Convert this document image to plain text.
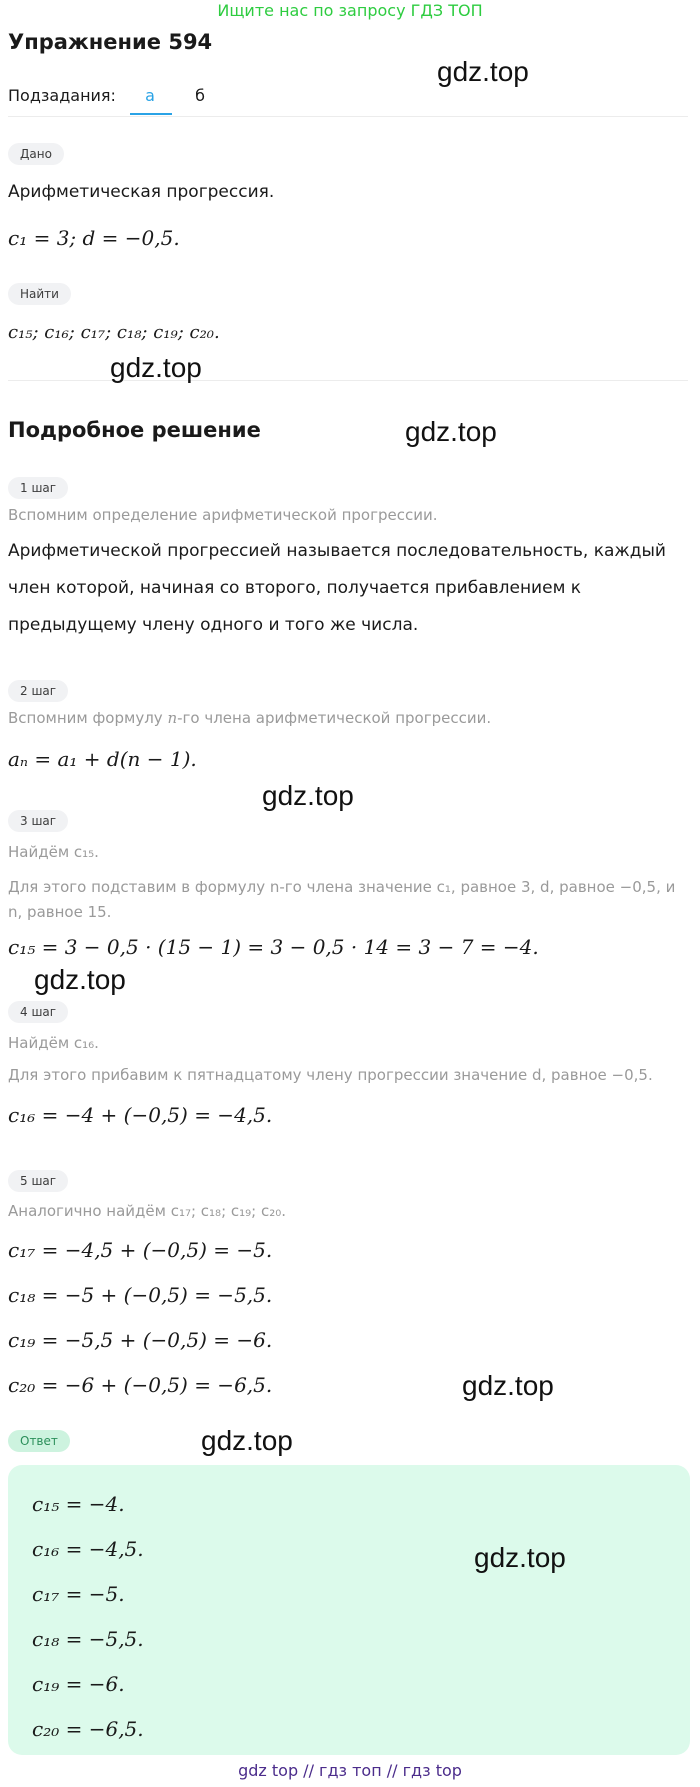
Ищите нас по запросу ГДЗ ТОП
Упражнение 594
Подзадания:	а	б
Дано
Арифметическая прогрессия.
c₁ = 3; d = −0,5.
Найти
c₁₅; c₁₆; c₁₇; c₁₈; c₁₉; c₂₀.
Подробное решение
1 шаг
Вспомним определение арифметической прогрессии.
Арифметической прогрессией называется последовательность, каждый член которой, начиная со второго, получается прибавлением к предыдущему члену одного и того же числа.
2 шаг
Вспомним формулу n-го члена арифметической прогрессии.
aₙ = a₁ + d(n − 1).
3 шаг
Найдём c₁₅.
Для этого подставим в формулу n-го члена значение c₁, равное 3, d, равное −0,5, и n, равное 15.
c₁₅ = 3 − 0,5 · (15 − 1) = 3 − 0,5 · 14 = 3 − 7 = −4.
4 шаг
Найдём c₁₆.
Для этого прибавим к пятнадцатому члену прогрессии значение d, равное −0,5.
c₁₆ = −4 + (−0,5) = −4,5.
5 шаг
Аналогично найдём c₁₇; c₁₈; c₁₉; c₂₀.
c₁₇ = −4,5 + (−0,5) = −5.
c₁₈ = −5 + (−0,5) = −5,5.
c₁₉ = −5,5 + (−0,5) = −6.
c₂₀ = −6 + (−0,5) = −6,5.
Ответ
c₁₅ = −4.
c₁₆ = −4,5.
c₁₇ = −5.
c₁₈ = −5,5.
c₁₉ = −6.
c₂₀ = −6,5.
gdz.top
gdz.top
gdz.top
gdz.top
gdz.top
gdz.top
gdz.top
gdz.top
gdz top // гдз топ // гдз top
